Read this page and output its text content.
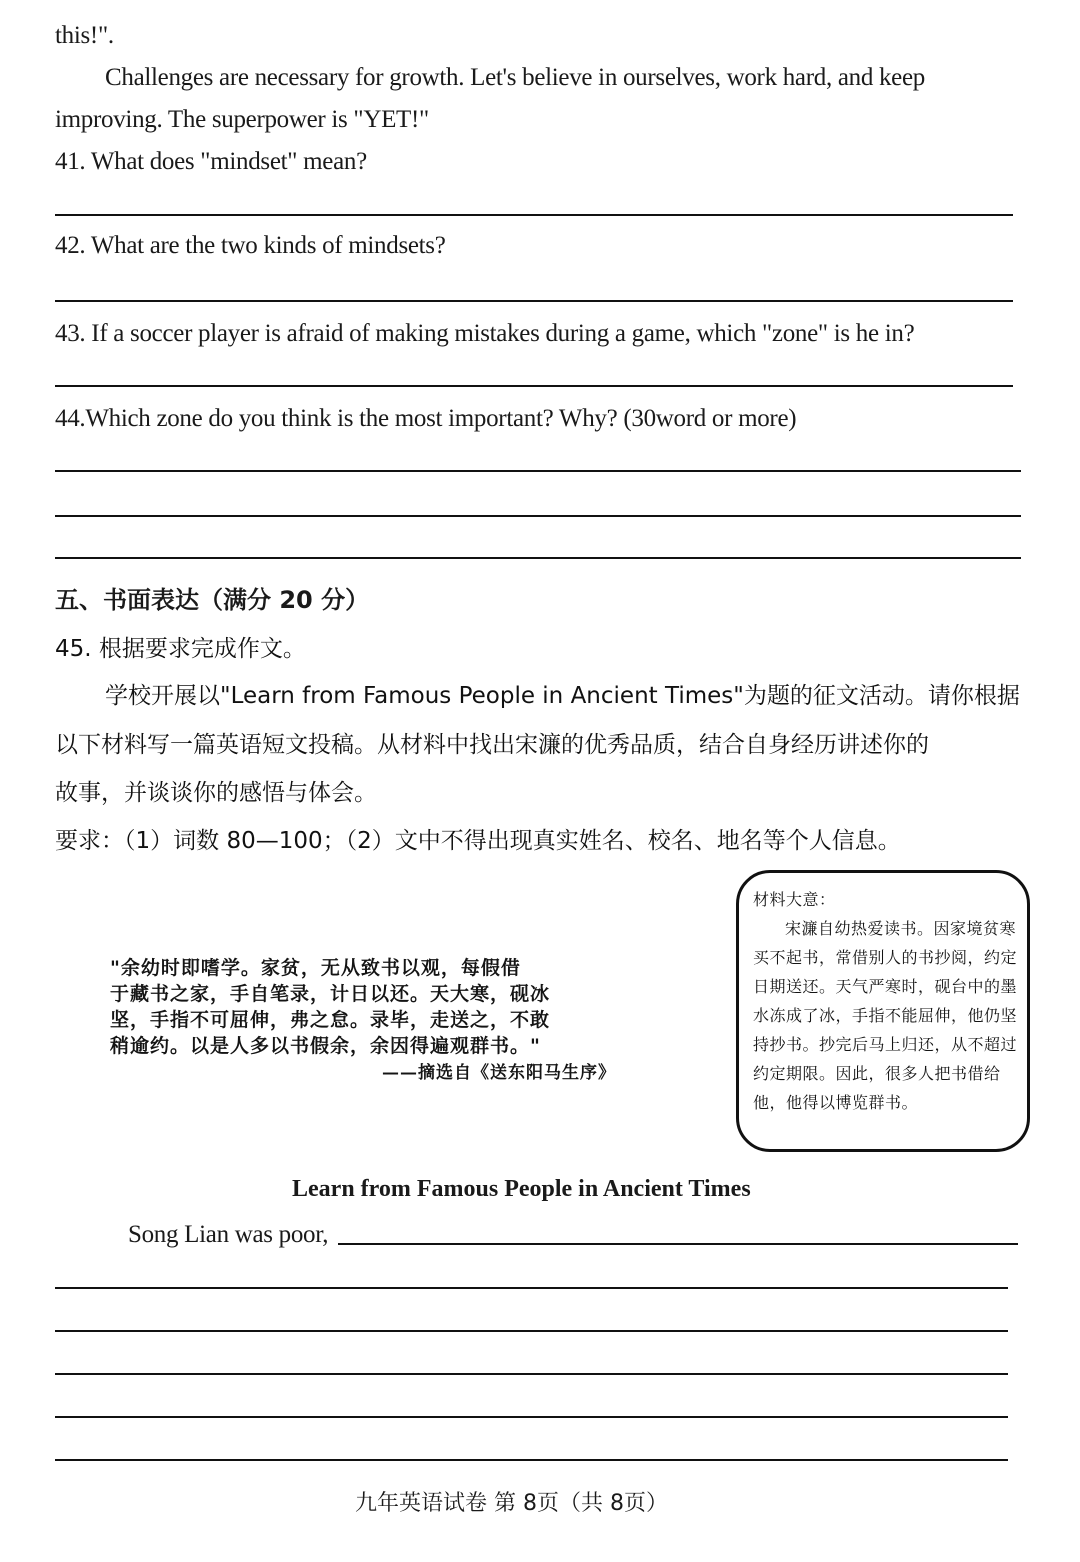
this!".
Challenges are necessary for growth. Let's believe in ourselves, work hard, and keep
improving. The superpower is "YET!"
41. What does "mindset" mean?
42. What are the two kinds of mindsets?
43. If a soccer player is afraid of making mistakes during a game, which "zone" is he in?
44.Which zone do you think is the most important? Why? (30word or more)
五、书面表达（满分 20 分）
45. 根据要求完成作文。
学校开展以"Learn from Famous People in Ancient Times"为题的征文活动。请你根据
以下材料写一篇英语短文投稿。从材料中找出宋濂的优秀品质，结合自身经历讲述你的
故事，并谈谈你的感悟与体会。
要求：（1）词数 80—100；（2）文中不得出现真实姓名、校名、地名等个人信息。
"余幼时即嗜学。家贫，无从致书以观，每假借
于藏书之家，手自笔录，计日以还。天大寒，砚冰
坚，手指不可屈伸，弗之怠。录毕，走送之，不敢
稍逾约。以是人多以书假余，余因得遍观群书。"
——摘选自《送东阳马生序》
材料大意：
宋濂自幼热爱读书。因家境贫寒买不起书，常借别人的书抄阅，约定日期送还。天气严寒时，砚台中的墨水冻成了冰，手指不能屈伸，他仍坚持抄书。抄完后马上归还，从不超过约定期限。因此，很多人把书借给他，他得以博览群书。
Learn from Famous People in Ancient Times
Song Lian was poor,
九年英语试卷 第 8页（共 8页）
